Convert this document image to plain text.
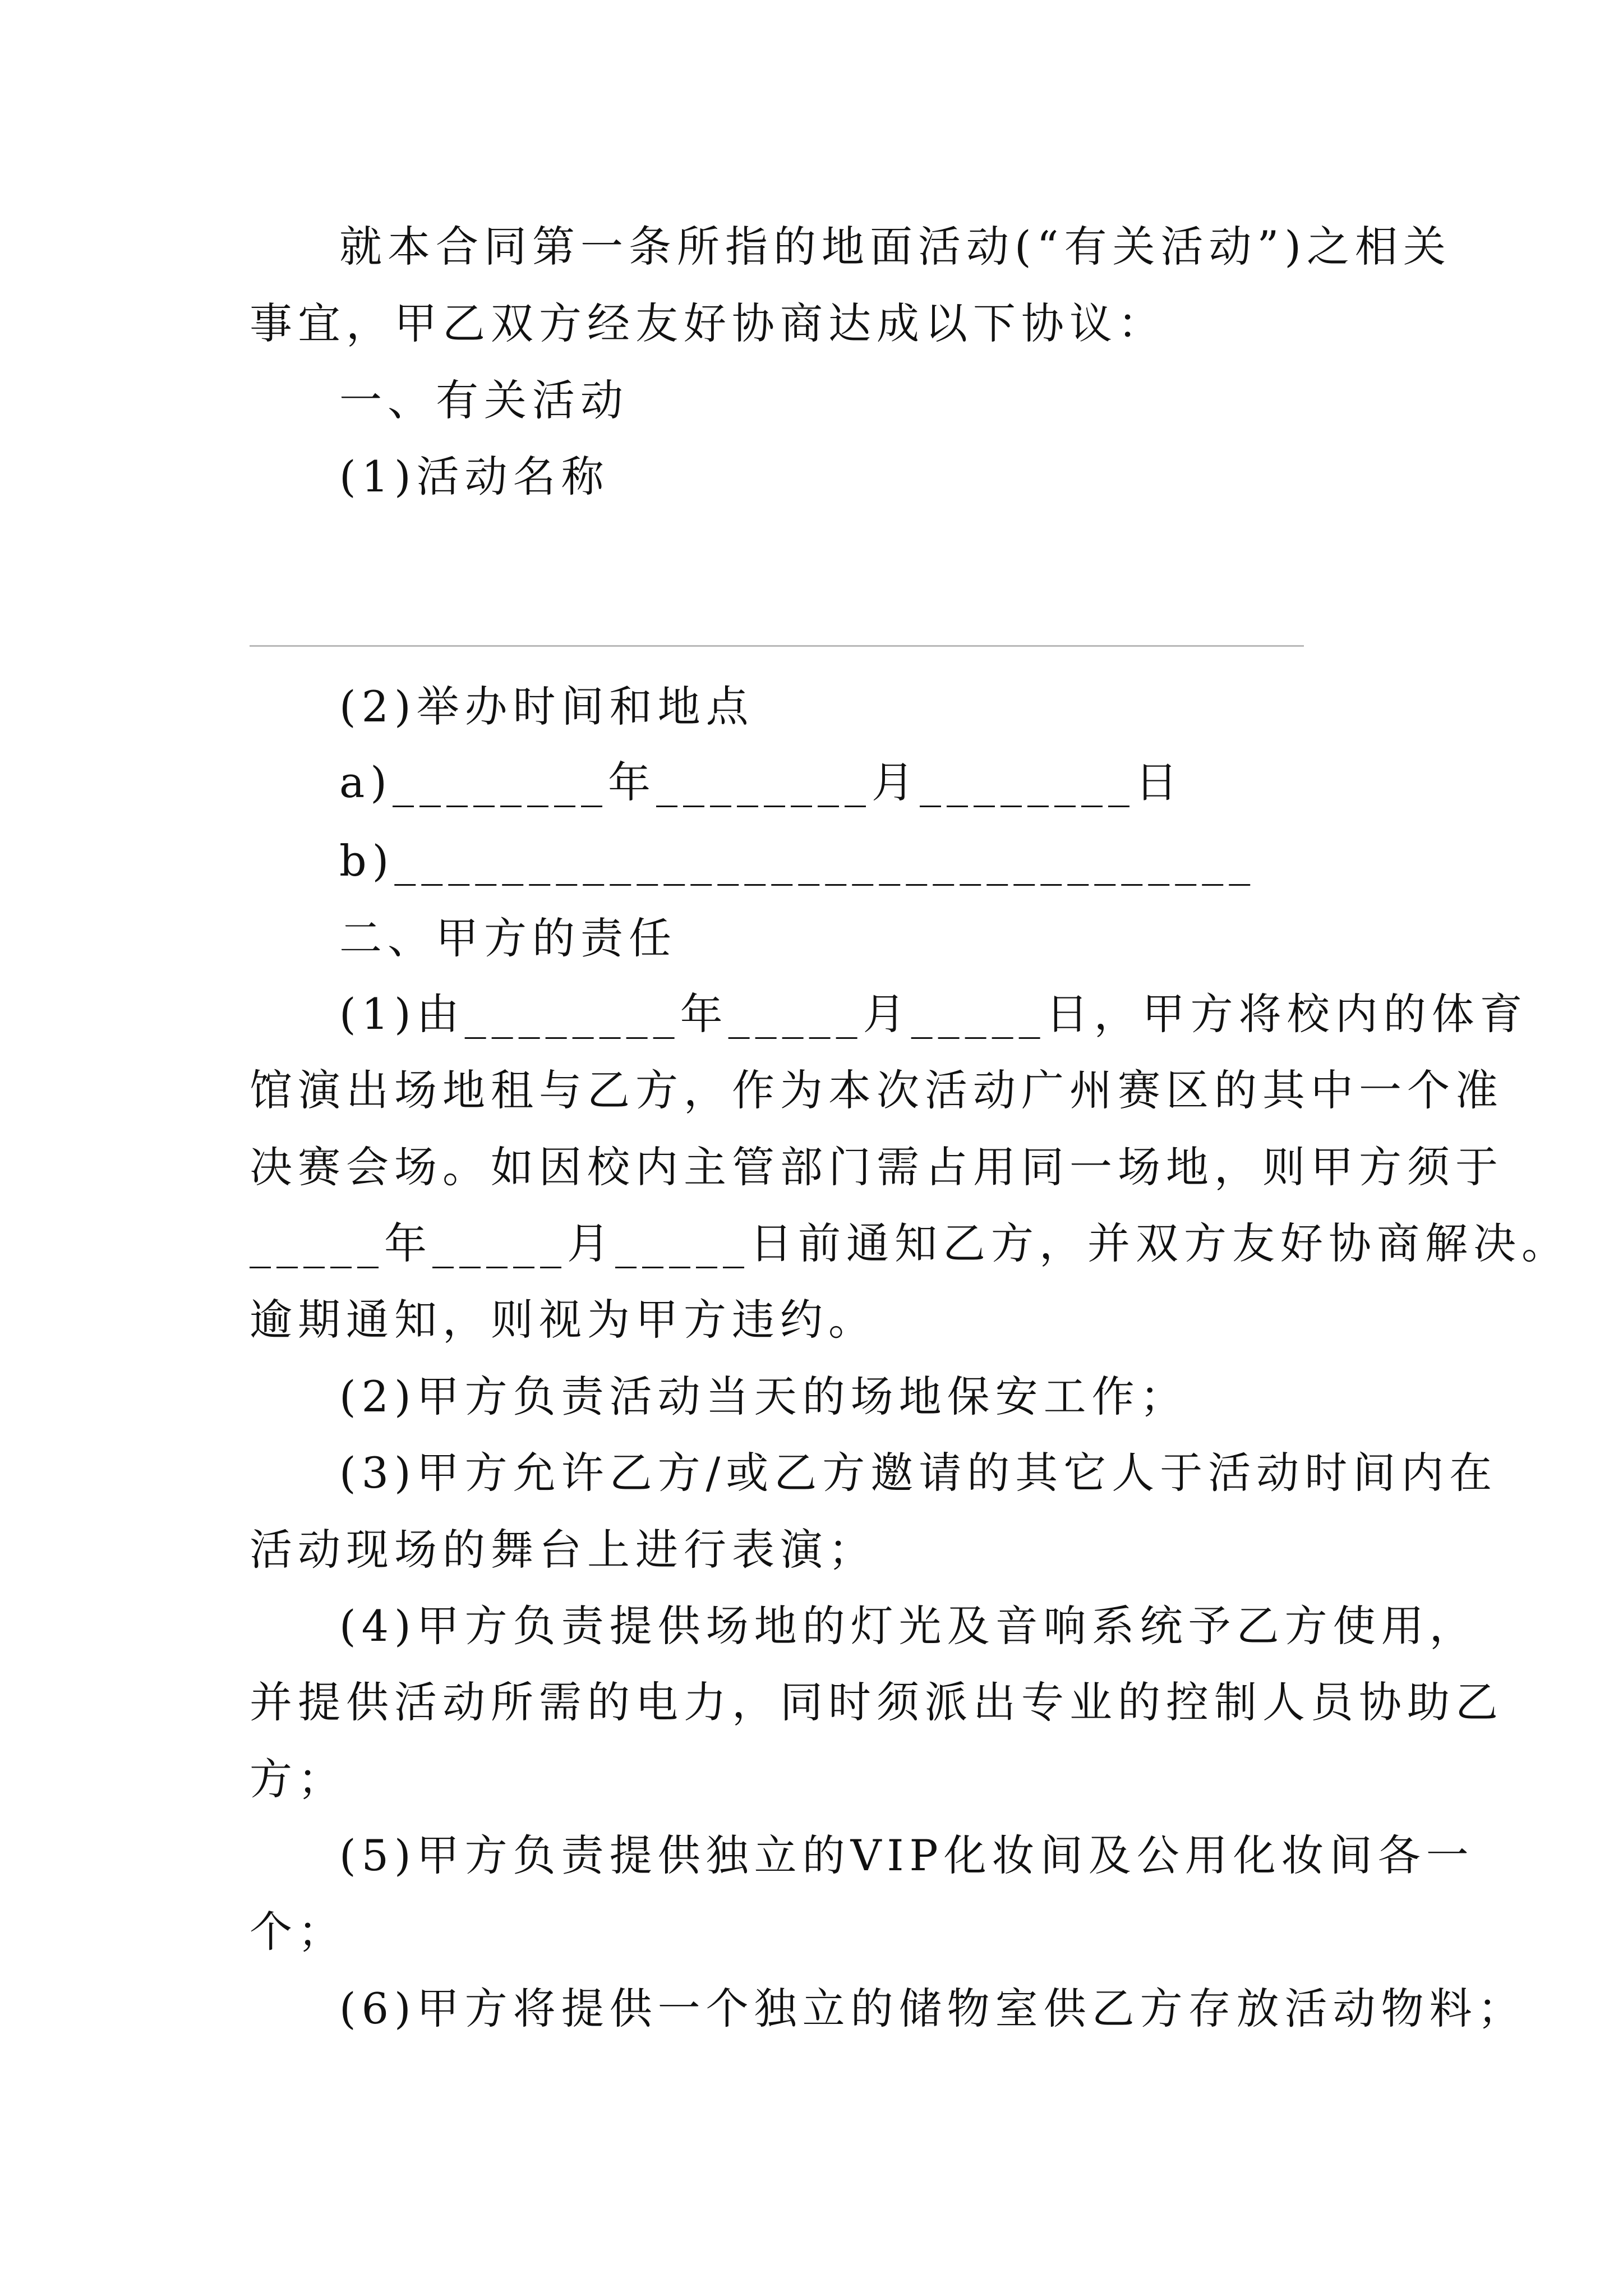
就本合同第一条所指的地面活动(“有关活动”)之相关
事宜，甲乙双方经友好协商达成以下协议：
一、有关活动
(1)活动名称
(2)举办时间和地点
a)________年________月________日
b)________________________________
二、甲方的责任
(1)由________年_____月_____日，甲方将校内的体育
馆演出场地租与乙方，作为本次活动广州赛区的其中一个准
决赛会场。如因校内主管部门需占用同一场地，则甲方须于
_____年_____月_____日前通知乙方，并双方友好协商解决。
逾期通知，则视为甲方违约。
(2)甲方负责活动当天的场地保安工作；
(3)甲方允许乙方/或乙方邀请的其它人于活动时间内在
活动现场的舞台上进行表演；
(4)甲方负责提供场地的灯光及音响系统予乙方使用，
并提供活动所需的电力，同时须派出专业的控制人员协助乙
方；
(5)甲方负责提供独立的VIP化妆间及公用化妆间各一
个；
(6)甲方将提供一个独立的储物室供乙方存放活动物料；
